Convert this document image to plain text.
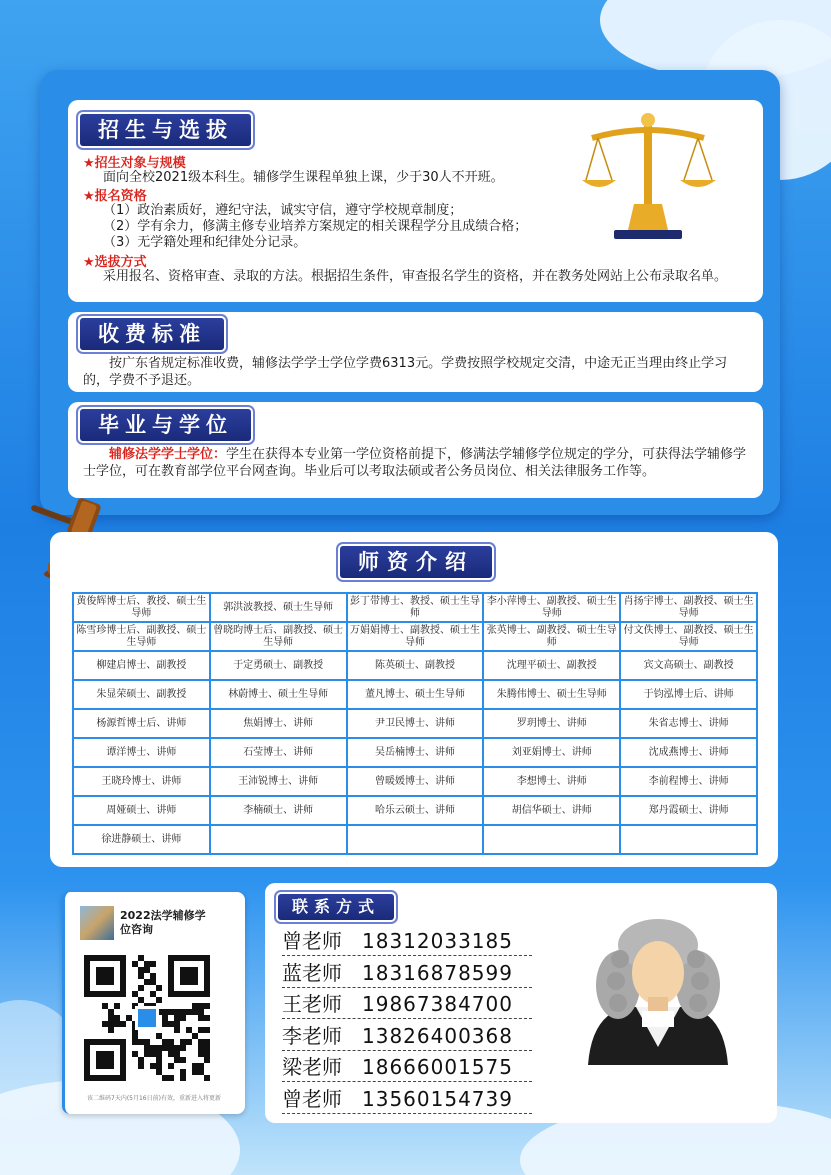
招生与选拔
★招生对象与规模
面向全校2021级本科生。辅修学生课程单独上课，少于30人不开班。
★报名资格
（1）政治素质好，遵纪守法，诚实守信，遵守学校规章制度；
（2）学有余力，修满主修专业培养方案规定的相关课程学分且成绩合格；
（3）无学籍处理和纪律处分记录。
★选拔方式
采用报名、资格审查、录取的方法。根据招生条件，审查报名学生的资格，并在教务处网站上公布录取名单。
收费标准
按广东省规定标准收费，辅修法学学士学位学费6313元。学费按照学校规定交清，中途无正当理由终止学习的，学费不予退还。
毕业与学位
辅修法学学士学位：学生在获得本专业第一学位资格前提下，修满法学辅修学位规定的学分，可获得法学辅修学士学位，可在教育部学位平台网查询。毕业后可以考取法硕或者公务员岗位、相关法律服务工作等。
师资介绍
黄俊辉博士后、教授、硕士生导师	郭洪波教授、硕士生导师	彭丁带博士、教授、硕士生导师	李小萍博士、副教授、硕士生导师	肖扬宇博士、副教授、硕士生导师
陈雪珍博士后、副教授、硕士生导师	曾晓昀博士后、副教授、硕士生导师	万娟娟博士、副教授、硕士生导师	张英博士、副教授、硕士生导师	付文佚博士、副教授、硕士生导师
柳建启博士、副教授	于定勇硕士、副教授	陈英硕士、副教授	沈理平硕士、副教授	宾文高硕士、副教授
朱显荣硕士、副教授	林蔚博士、硕士生导师	董凡博士、硕士生导师	朱腾伟博士、硕士生导师	于钧泓博士后、讲师
杨源哲博士后、讲师	焦娟博士、讲师	尹卫民博士、讲师	罗玥博士、讲师	朱省志博士、讲师
谭洋博士、讲师	石莹博士、讲师	吴岳楠博士、讲师	刘亚娟博士、讲师	沈成燕博士、讲师
王晓玲博士、讲师	王沛锐博士、讲师	曾暖媛博士、讲师	李想博士、讲师	李前程博士、讲师
周娅硕士、讲师	李楠硕士、讲师	哈乐云硕士、讲师	胡信华硕士、讲师	郑丹霞硕士、讲师
徐进静硕士、讲师				
2022法学辅修学位咨询
该二维码7天内(5月16日前)有效，重新进入将更新
联系方式
曾老师 18312033185
蓝老师 18316878599
王老师 19867384700
李老师 13826400368
梁老师 18666001575
曾老师 13560154739
